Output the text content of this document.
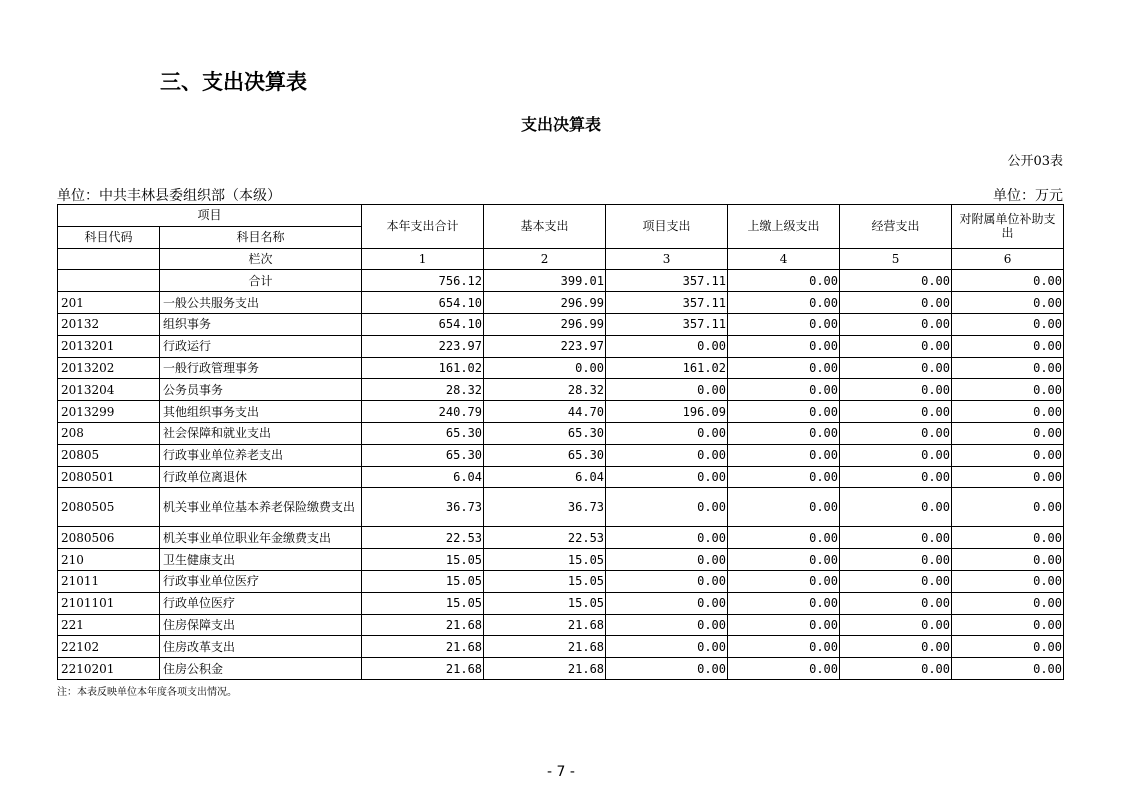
三、支出决算表
支出决算表
公开03表
单位：中共丰林县委组织部（本级）	单位：万元
项目		本年支出合计	基本支出	项目支出	上缴上级支出	经营支出	对附属单位补助支出
科目代码	科目名称						
	栏次	1	2	3	4	5	6
	合计	756.12	399.01	357.11	0.00	0.00	0.00
201	一般公共服务支出	654.10	296.99	357.11	0.00	0.00	0.00
20132	组织事务	654.10	296.99	357.11	0.00	0.00	0.00
2013201	行政运行	223.97	223.97	0.00	0.00	0.00	0.00
2013202	一般行政管理事务	161.02	0.00	161.02	0.00	0.00	0.00
2013204	公务员事务	28.32	28.32	0.00	0.00	0.00	0.00
2013299	其他组织事务支出	240.79	44.70	196.09	0.00	0.00	0.00
208	社会保障和就业支出	65.30	65.30	0.00	0.00	0.00	0.00
20805	行政事业单位养老支出	65.30	65.30	0.00	0.00	0.00	0.00
2080501	行政单位离退休	6.04	6.04	0.00	0.00	0.00	0.00
2080505	机关事业单位基本养老保险缴费支出	36.73	36.73	0.00	0.00	0.00	0.00
2080506	机关事业单位职业年金缴费支出	22.53	22.53	0.00	0.00	0.00	0.00
210	卫生健康支出	15.05	15.05	0.00	0.00	0.00	0.00
21011	行政事业单位医疗	15.05	15.05	0.00	0.00	0.00	0.00
2101101	行政单位医疗	15.05	15.05	0.00	0.00	0.00	0.00
221	住房保障支出	21.68	21.68	0.00	0.00	0.00	0.00
22102	住房改革支出	21.68	21.68	0.00	0.00	0.00	0.00
2210201	住房公积金	21.68	21.68	0.00	0.00	0.00	0.00
注：本表反映单位本年度各项支出情况。
- 7 -
